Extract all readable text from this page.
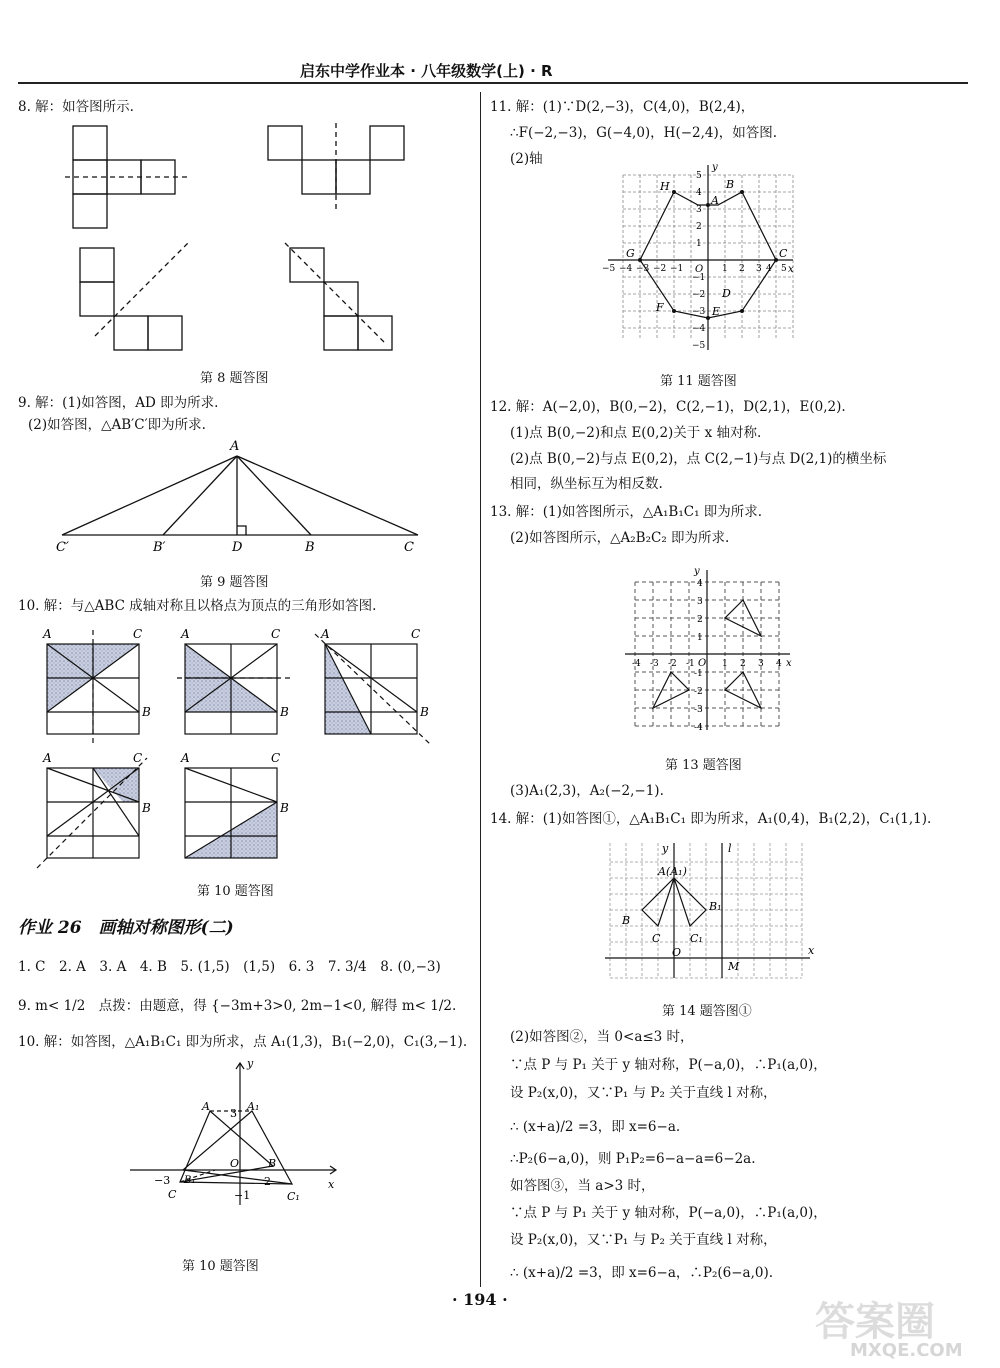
启东中学作业本 · 八年级数学(上) · R
8. 解：如答图所示.
第 8 题答图
9. 解：(1)如答图，AD 即为所求.
(2)如答图，△AB′C′即为所求.
A
C′	B′	D	B	C
第 9 题答图
10. 解：与△ABC 成轴对称且以格点为顶点的三角形如答图.
A	C
B
A	C
B
A	C
B
A	C
B
A	C
B
第 10 题答图
作业 26　画轴对称图形(二)
1. C　2. A　3. A　4. B　5. (1,5)　(1,5)　6. 3　7. 3/4　8. (0,−3)
9. m< 1/2　点拨：由题意，得 {−3m+3>0, 2m−1<0, 解得 m< 1/2.
10. 解：如答图，△A₁B₁C₁ 即为所求，点 A₁(1,3)，B₁(−2,0)，C₁(3,−1).
y
x
A	A₁
3
O
B₁
B
2
−3
C	C₁
−1
第 10 题答图
11. 解：(1)∵D(2,−3)，C(4,0)，B(2,4)，
∴F(−2,−3)，G(−4,0)，H(−2,4)，如答图.
(2)轴
H	B
A
G	C
F
D
E
O	x
y
−5 −4 −3 −2 −1	1 2 3 4 5
5
4
3
2
1
−1
−2
−3
−4
−5
第 11 题答图
12. 解：A(−2,0)，B(0,−2)，C(2,−1)，D(2,1)，E(0,2).
(1)点 B(0,−2)和点 E(0,2)关于 x 轴对称.
(2)点 B(0,−2)与点 E(0,2)，点 C(2,−1)与点 D(2,1)的横坐标
相同，纵坐标互为相反数.
13. 解：(1)如答图所示，△A₁B₁C₁ 即为所求.
(2)如答图所示，△A₂B₂C₂ 即为所求.
y
x
O
-4 -3 -2 -1	1 2 3 4
4
3
2
1
-1
-2
-3
-4
第 13 题答图
(3)A₁(2,3)，A₂(−2,−1).
14. 解：(1)如答图①，△A₁B₁C₁ 即为所求，A₁(0,4)，B₁(2,2)，C₁(1,1).
y	l
A(A₁)
B₁
B
C	C₁
O
M
x
第 14 题答图①
(2)如答图②，当 0<a≤3 时，
∵点 P 与 P₁ 关于 y 轴对称，P(−a,0)，∴P₁(a,0)，
设 P₂(x,0)，又∵P₁ 与 P₂ 关于直线 l 对称，
∴ (x+a)/2 =3，即 x=6−a.
∴P₂(6−a,0)，则 P₁P₂=6−a−a=6−2a.
如答图③，当 a>3 时，
∵点 P 与 P₁ 关于 y 轴对称，P(−a,0)，∴P₁(a,0)，
设 P₂(x,0)，又∵P₁ 与 P₂ 关于直线 l 对称，
∴ (x+a)/2 =3，即 x=6−a，∴P₂(6−a,0).
· 194 ·	答案圈
MXQE.COM
